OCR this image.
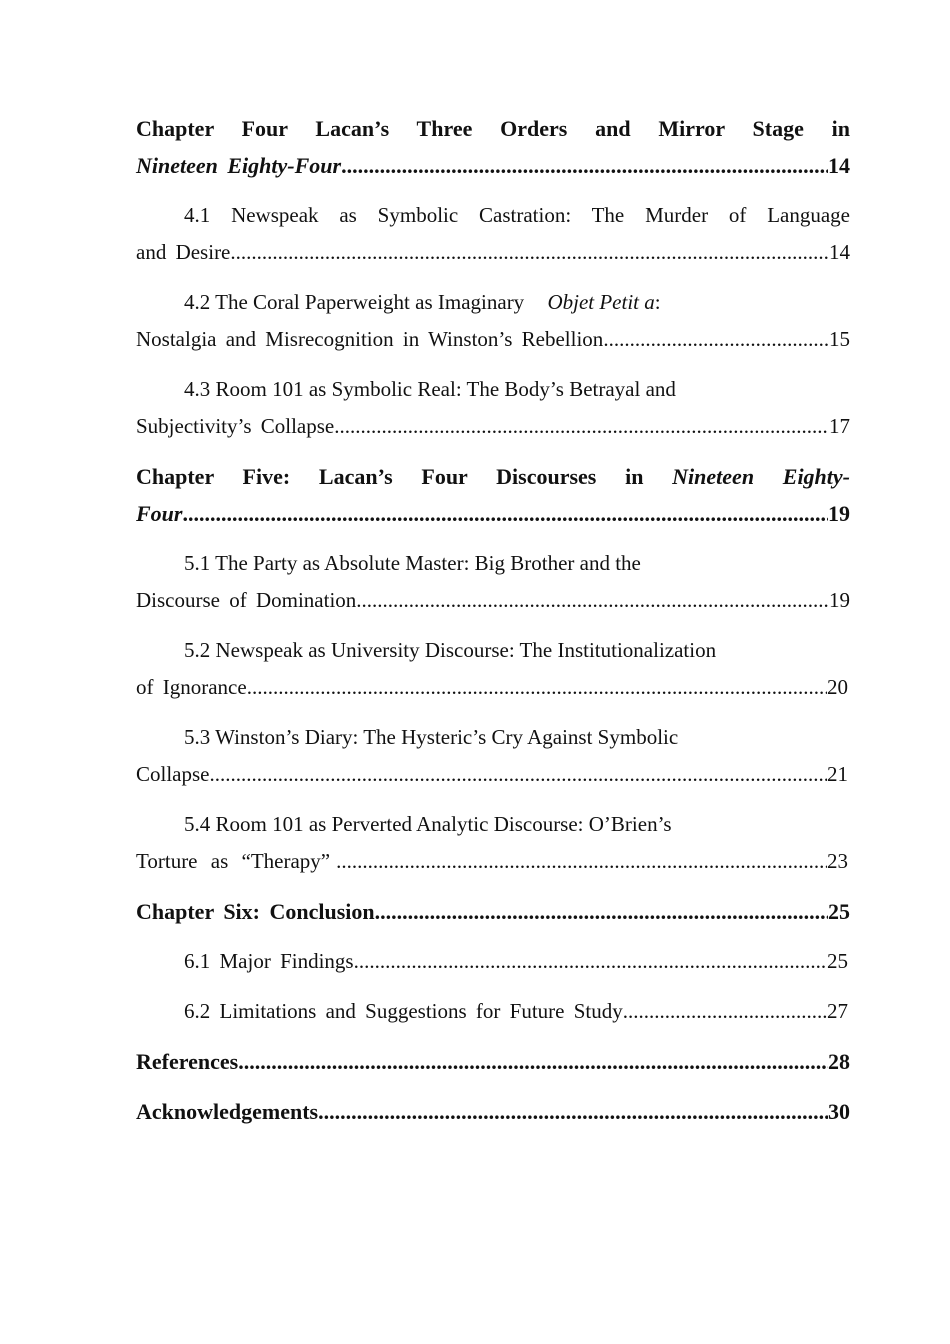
Chapter Four Lacan’s Three Orders and Mirror Stage in
Nineteen Eighty-Four .....	14
4.1 Newspeak as Symbolic Castration: The Murder of Language
and Desire .....	14
4.2 The Coral Paperweight as Imaginary Objet Petit a:
Nostalgia and Misrecognition in Winston’s Rebellion .....	15
4.3 Room 101 as Symbolic Real: The Body’s Betrayal and
Subjectivity’s Collapse .....	17
Chapter Five: Lacan’s Four Discourses in Nineteen Eighty-
Four .....	19
5.1 The Party as Absolute Master: Big Brother and the
Discourse of Domination .....	19
5.2 Newspeak as University Discourse: The Institutionalization
of Ignorance .....	20
5.3 Winston’s Diary: The Hysteric’s Cry Against Symbolic
Collapse .....	21
5.4 Room 101 as Perverted Analytic Discourse: O’Brien’s
Torture as “Therapy” .....	23
Chapter Six: Conclusion .....	25
6.1 Major Findings .....	25
6.2 Limitations and Suggestions for Future Study .....	27
References .....	28
Acknowledgements .....	30
